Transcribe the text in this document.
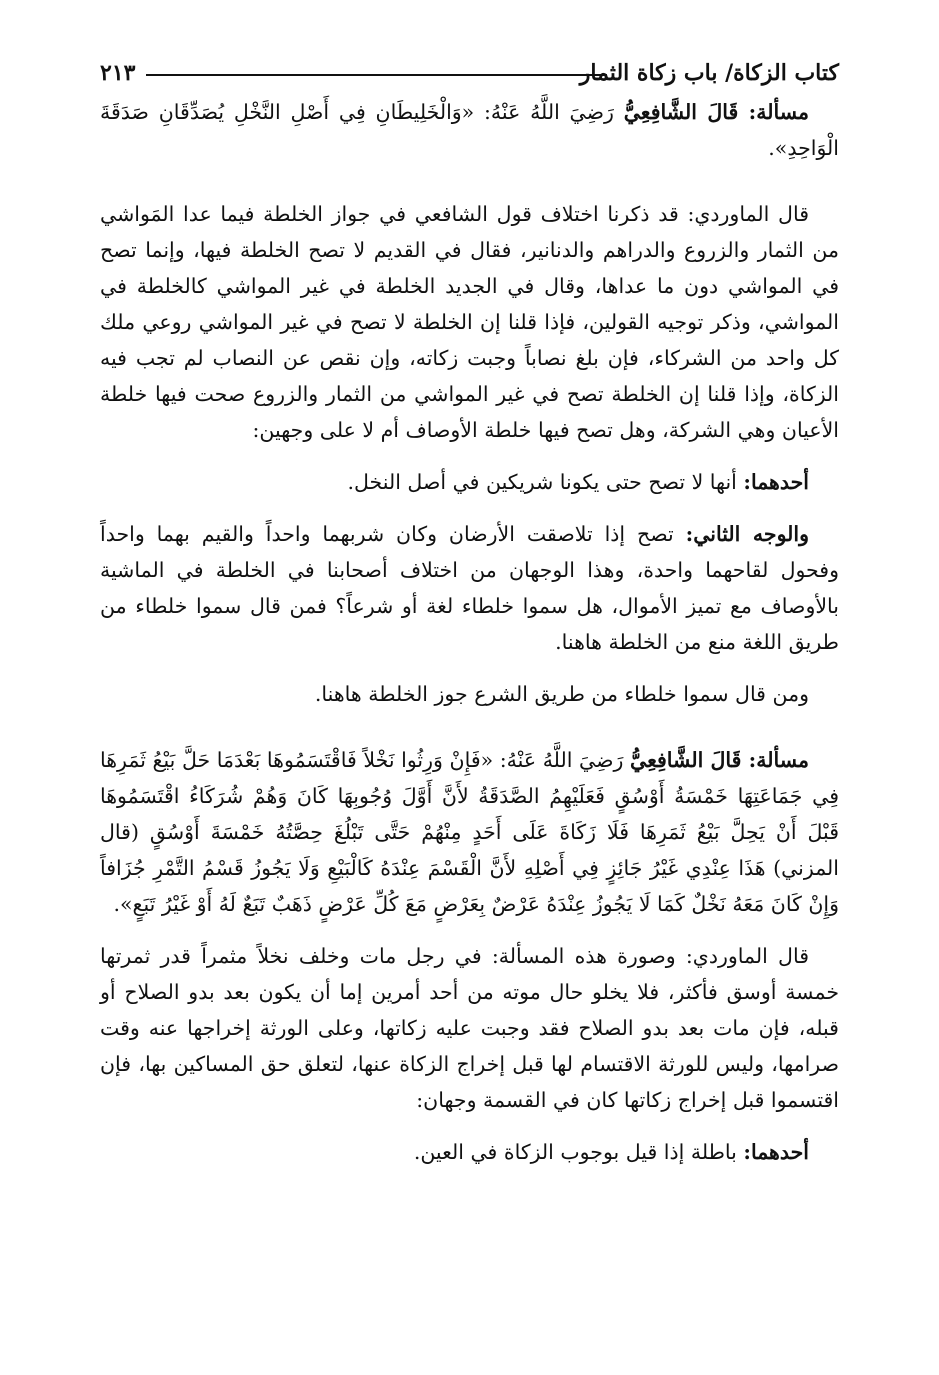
كتاب الزكاة/ باب زكاة الثمار
٢١٣

مسألة: قَالَ الشَّافِعِيُّ رَضِيَ اللَّهُ عَنْهُ: «وَالْخَلِيطَانِ فِي أَصْلِ النَّخْلِ يُصَدِّقَانِ صَدَقَةَ الْوَاحِدِ».

قال الماوردي: قد ذكرنا اختلاف قول الشافعي في جواز الخلطة فيما عدا المَواشي من الثمار والزروع والدراهم والدنانير، فقال في القديم لا تصح الخلطة فيها، وإنما تصح في المواشي دون ما عداها، وقال في الجديد الخلطة في غير المواشي كالخلطة في المواشي، وذكر توجيه القولين، فإذا قلنا إن الخلطة لا تصح في غير المواشي روعي ملك كل واحد من الشركاء، فإن بلغ نصاباً وجبت زكاته، وإن نقص عن النصاب لم تجب فيه الزكاة، وإذا قلنا إن الخلطة تصح في غير المواشي من الثمار والزروع صحت فيها خلطة الأعيان وهي الشركة، وهل تصح فيها خلطة الأوصاف أم لا على وجهين:

أحدهما: أنها لا تصح حتى يكونا شريكين في أصل النخل.

والوجه الثاني: تصح إذا تلاصقت الأرضان وكان شربهما واحداً والقيم بهما واحداً وفحول لقاحهما واحدة، وهذا الوجهان من اختلاف أصحابنا في الخلطة في الماشية بالأوصاف مع تميز الأموال، هل سموا خلطاء لغة أو شرعاً؟ فمن قال سموا خلطاء من طريق اللغة منع من الخلطة هاهنا.

ومن قال سموا خلطاء من طريق الشرع جوز الخلطة هاهنا.

مسألة: قَالَ الشَّافِعِيُّ رَضِيَ اللَّهُ عَنْهُ: «فَإِنْ وَرِثُوا نَخْلاً فَاقْتَسَمُوهَا بَعْدَمَا حَلَّ بَيْعُ ثَمَرِهَا فِي جَمَاعَتِهَا خَمْسَةُ أَوْسُقٍ فَعَلَيْهِمُ الصَّدَقَةُ لأَنَّ أَوَّلَ وُجُوبِهَا كَانَ وَهُمْ شُرَكَاءُ اقْتَسَمُوهَا قَبْلَ أَنْ يَحِلَّ بَيْعُ ثَمَرِهَا فَلَا زَكَاةَ عَلَى أَحَدٍ مِنْهُمْ حَتَّى تَبْلُغَ حِصَّتُهُ خَمْسَةَ أَوْسُقٍ (قال المزني) هَذَا عِنْدِي غَيْرُ جَائِزٍ فِي أَصْلِهِ لأَنَّ الْقَسْمَ عِنْدَهُ كَالْبَيْعِ وَلَا يَجُوزُ قَسْمُ التَّمْرِ جُزَافاً وَإِنْ كَانَ مَعَهُ نَخْلٌ كَمَا لَا يَجُوزُ عِنْدَهُ عَرْضٌ بِعَرْضٍ مَعَ كُلِّ عَرْضٍ ذَهَبٌ تَبَعٌ لَهُ أَوْ غَيْرُ تَبَعٍ».

قال الماوردي: وصورة هذه المسألة: في رجل مات وخلف نخلاً مثمراً قدر ثمرتها خمسة أوسق فأكثر، فلا يخلو حال موته من أحد أمرين إما أن يكون بعد بدو الصلاح أو قبله، فإن مات بعد بدو الصلاح فقد وجبت عليه زكاتها، وعلى الورثة إخراجها عنه وقت صرامها، وليس للورثة الاقتسام لها قبل إخراج الزكاة عنها، لتعلق حق المساكين بها، فإن اقتسموا قبل إخراج زكاتها كان في القسمة وجهان:

أحدهما: باطلة إذا قيل بوجوب الزكاة في العين.
